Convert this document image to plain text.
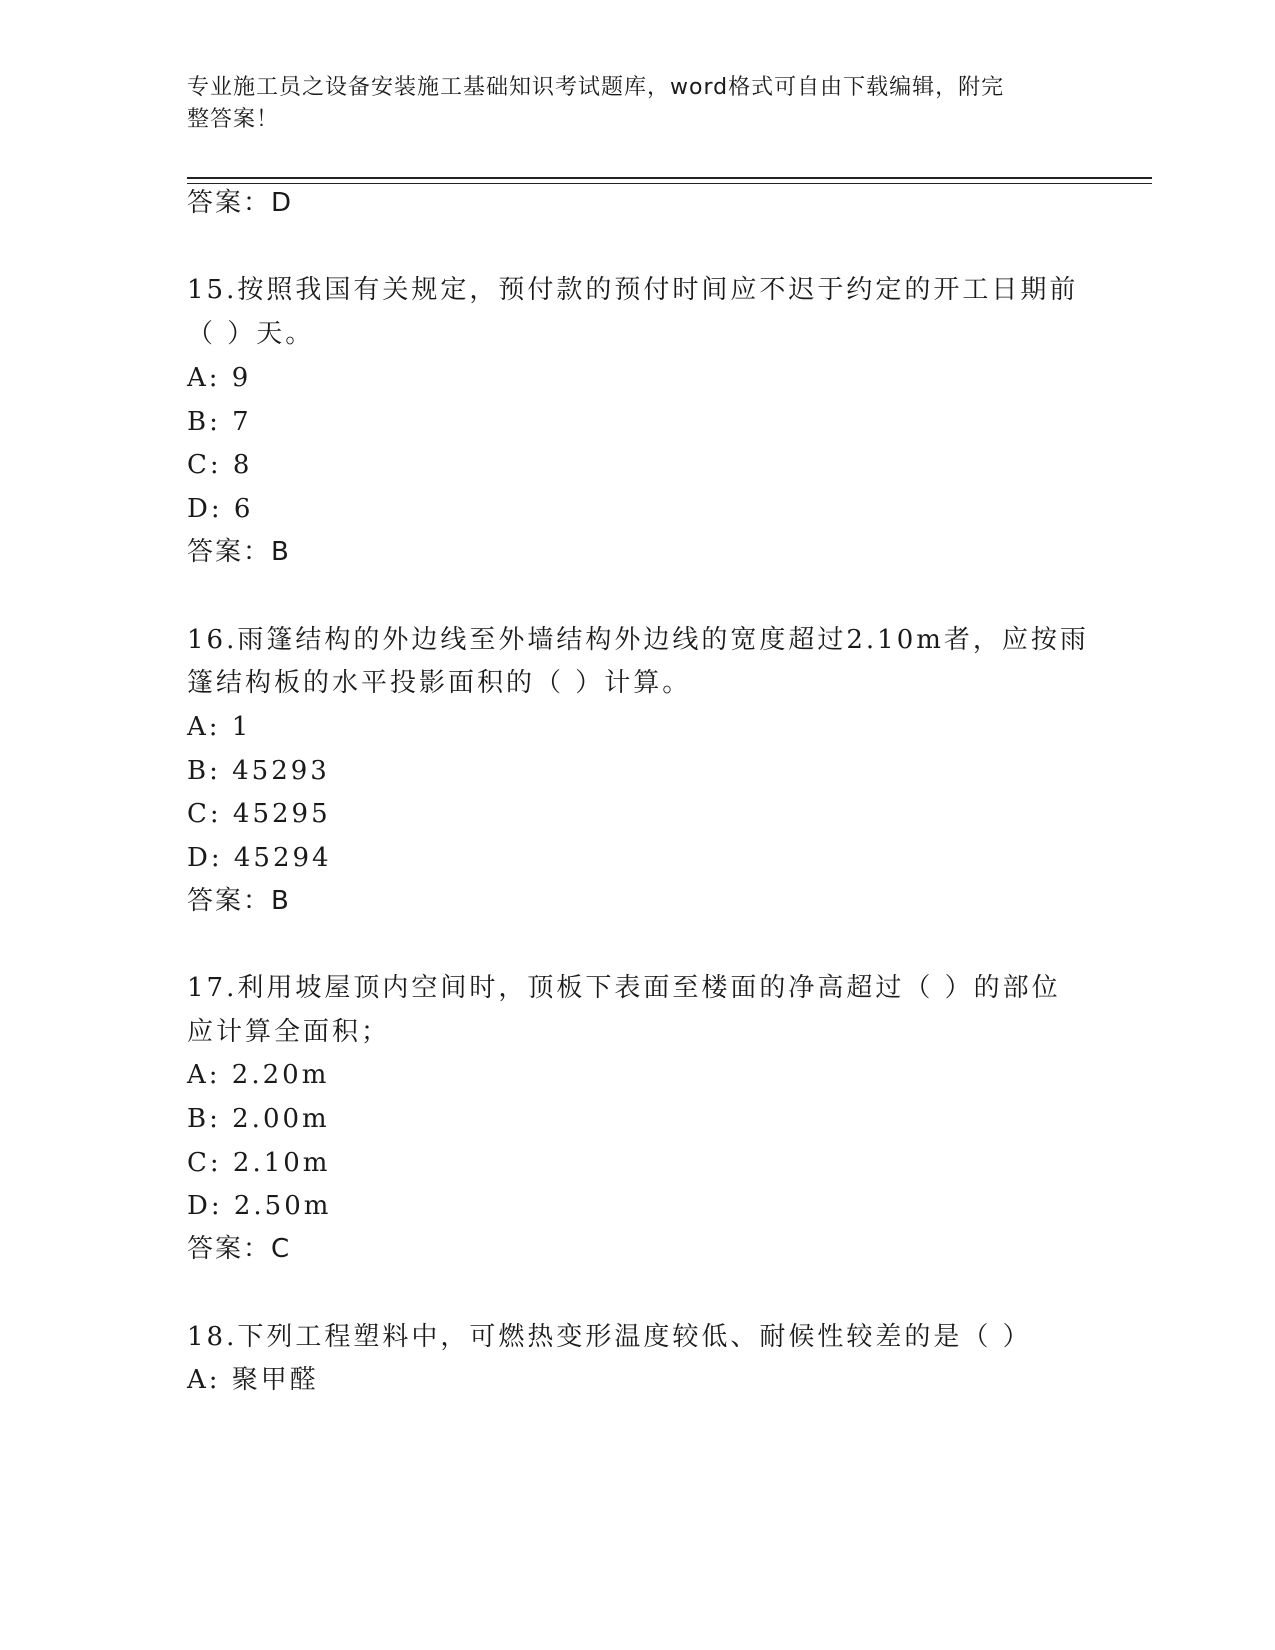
专业施工员之设备安装施工基础知识考试题库，word格式可自由下载编辑，附完
整答案！
答案：D
15.按照我国有关规定，预付款的预付时间应不迟于约定的开工日期前
（ ）天。
A: 9
B: 7
C: 8
D: 6
答案：B
16.雨篷结构的外边线至外墙结构外边线的宽度超过2.10m者，应按雨
篷结构板的水平投影面积的（ ）计算。
A: 1
B: 45293
C: 45295
D: 45294
答案：B
17.利用坡屋顶内空间时，顶板下表面至楼面的净高超过（ ）的部位
应计算全面积；
A: 2.20m
B: 2.00m
C: 2.10m
D: 2.50m
答案：C
18.下列工程塑料中，可燃热变形温度较低、耐候性较差的是（ ）
A: 聚甲醛
